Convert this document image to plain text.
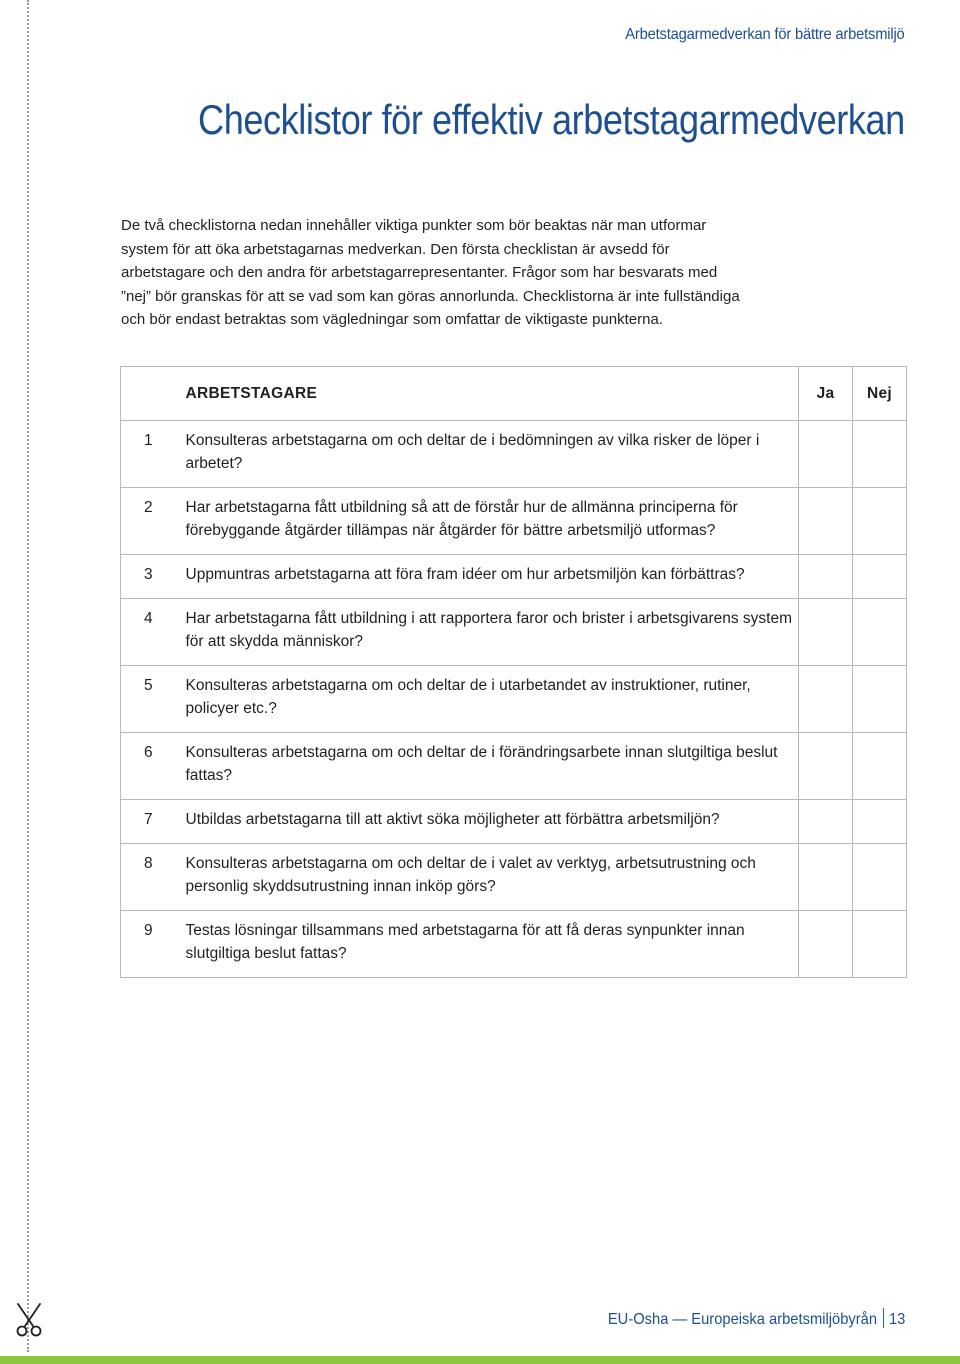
Arbetstagarmedverkan för bättre arbetsmiljö
Checklistor för effektiv arbetstagarmedverkan

De två checklistorna nedan innehåller viktiga punkter som bör beaktas när man utformar
system för att öka arbetstagarnas medverkan. Den första checklistan är avsedd för
arbetstagare och den andra för arbetstagarrepresentanter. Frågor som har besvarats med
”nej” bör granskas för att se vad som kan göras annorlunda. Checklistorna är inte fullständiga
och bör endast betraktas som vägledningar som omfattar de viktigaste punkterna.

	ARBETSTAGARE	Ja	Nej
1	Konsulteras arbetstagarna om och deltar de i bedömningen av vilka risker de löper i arbetet?		
2	Har arbetstagarna fått utbildning så att de förstår hur de allmänna principerna för förebyggande åtgärder tillämpas när åtgärder för bättre arbetsmiljö utformas?		
3	Uppmuntras arbetstagarna att föra fram idéer om hur arbetsmiljön kan förbättras?		
4	Har arbetstagarna fått utbildning i att rapportera faror och brister i arbetsgivarens system för att skydda människor?		
5	Konsulteras arbetstagarna om och deltar de i utarbetandet av instruktioner, rutiner, policyer etc.?		
6	Konsulteras arbetstagarna om och deltar de i förändringsarbete innan slutgiltiga beslut fattas?		
7	Utbildas arbetstagarna till att aktivt söka möjligheter att förbättra arbetsmiljön?		
8	Konsulteras arbetstagarna om och deltar de i valet av verktyg, arbetsutrustning och personlig skyddsutrustning innan inköp görs?		
9	Testas lösningar tillsammans med arbetstagarna för att få deras synpunkter innan slutgiltiga beslut fattas?		
EU-Osha — Europeiska arbetsmiljöbyrån 13
